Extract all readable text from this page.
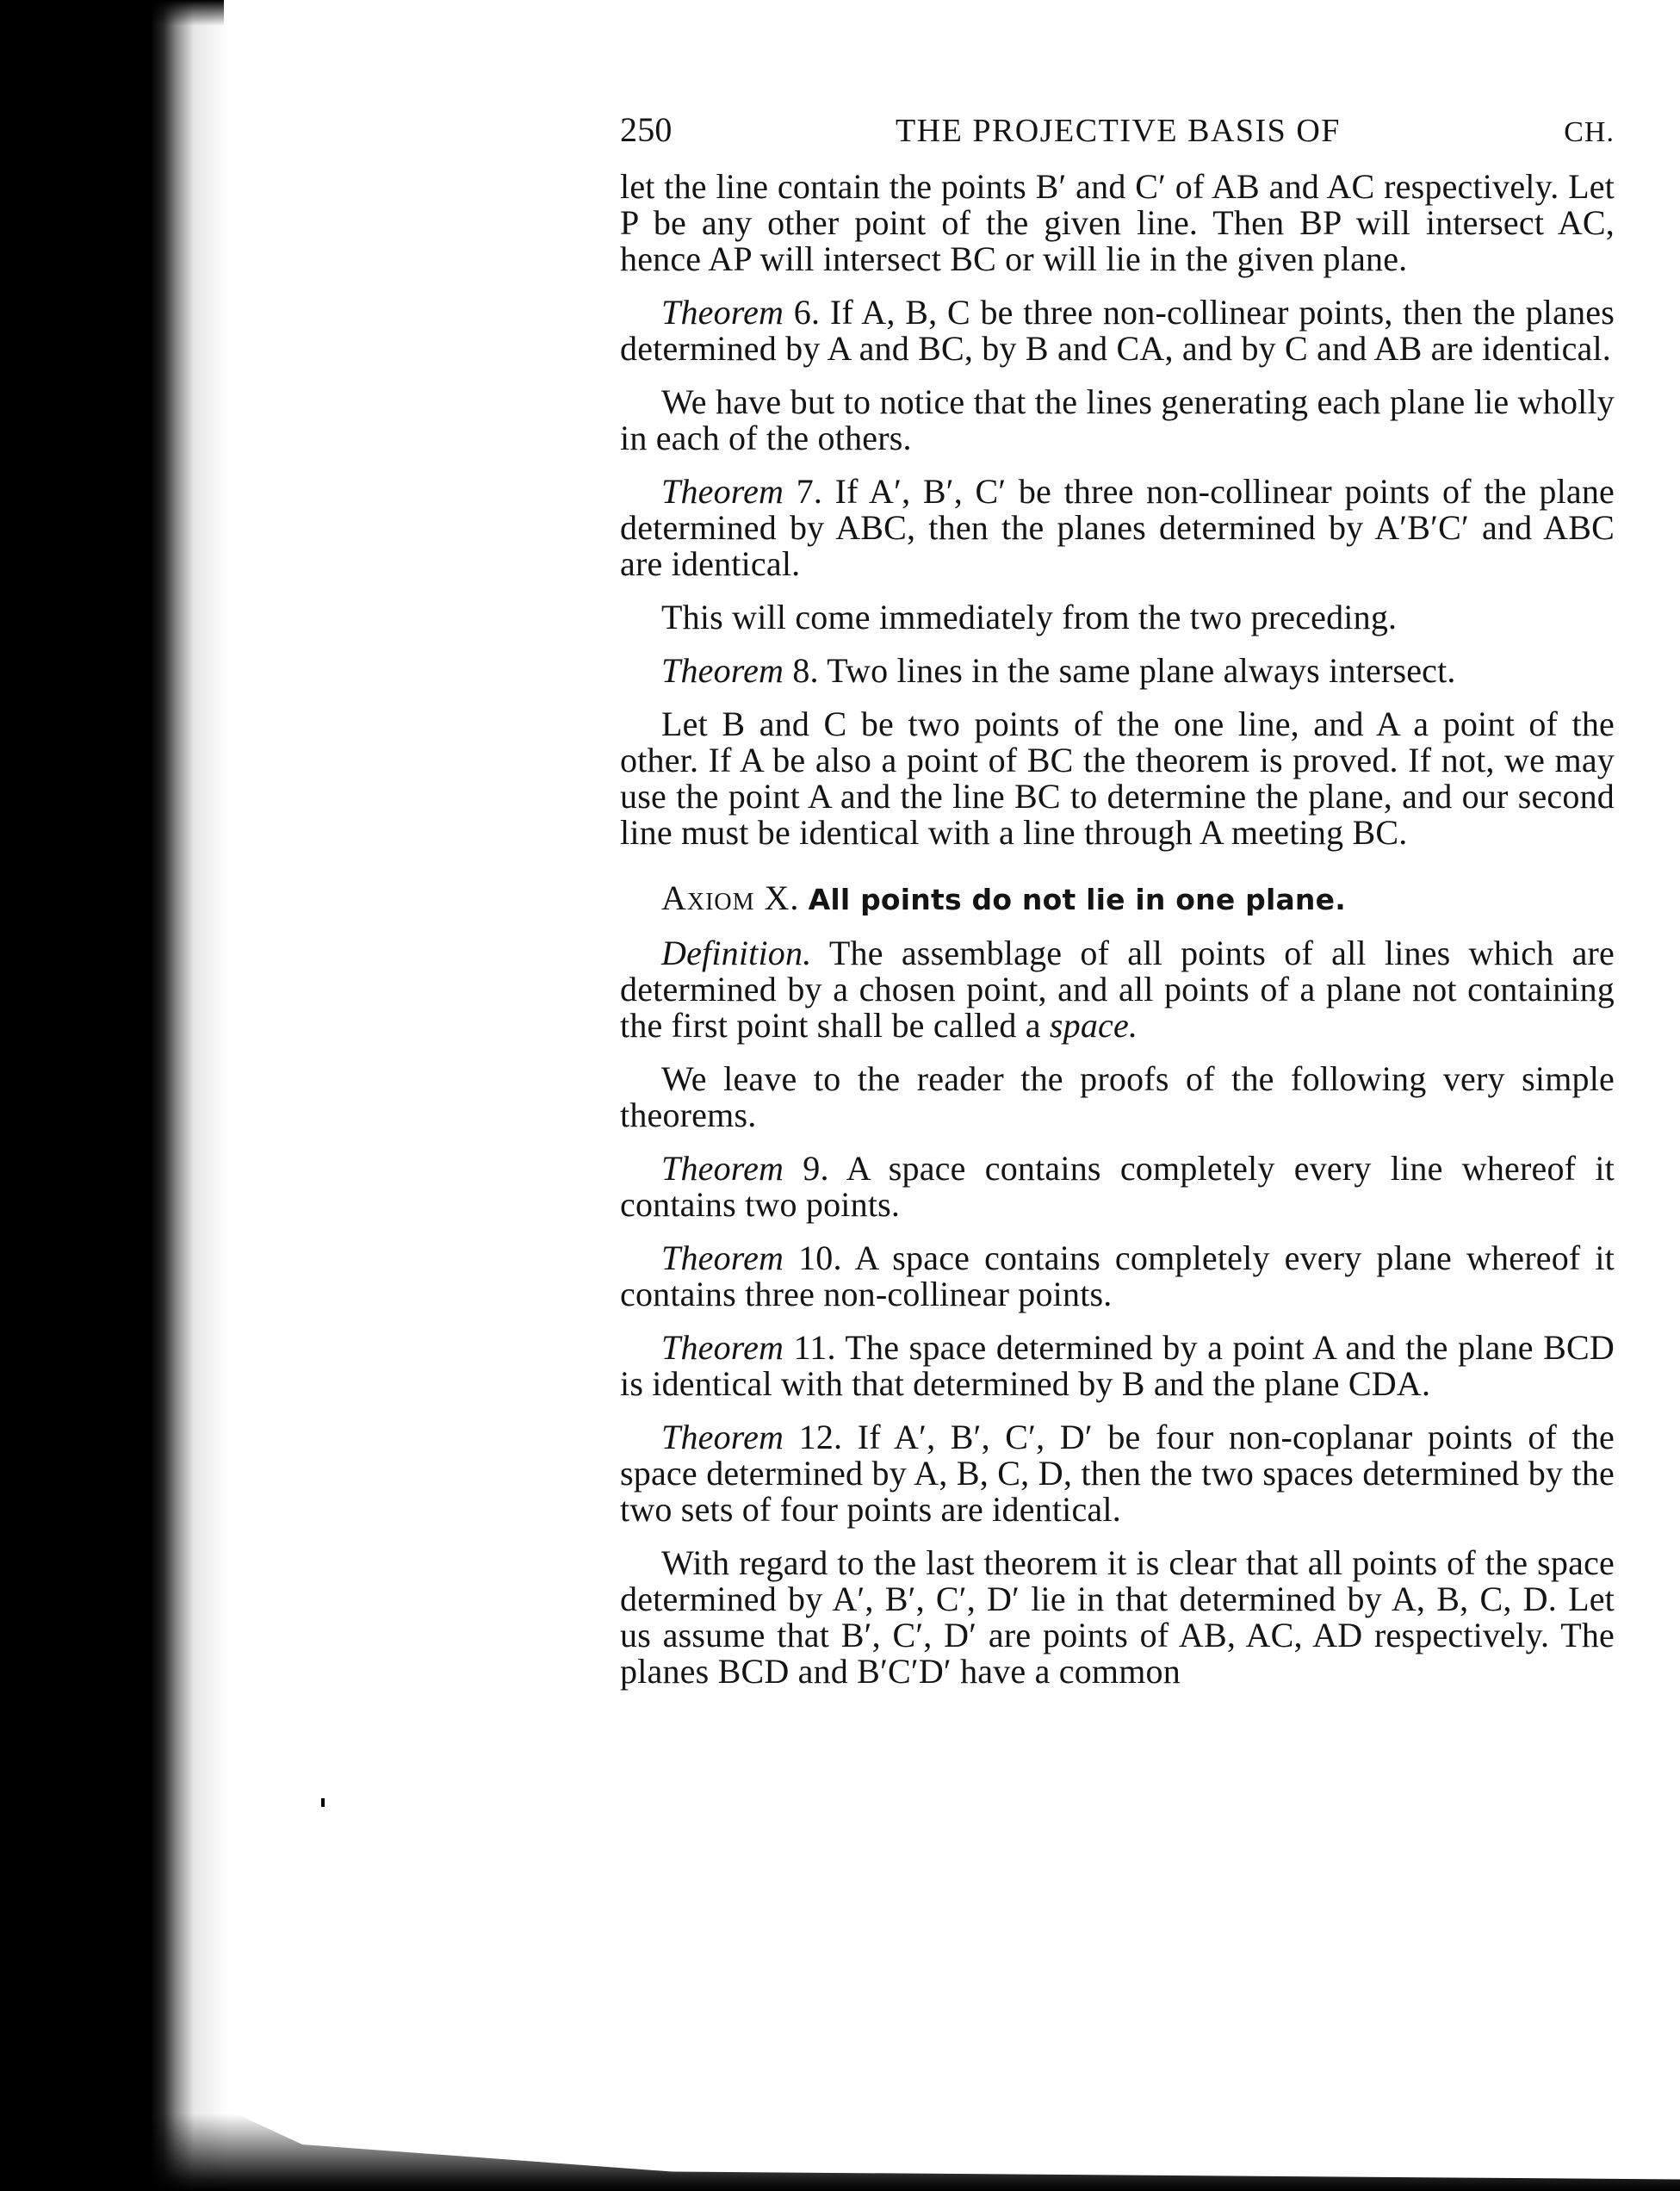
250	THE PROJECTIVE BASIS OF	CH.

let the line contain the points B′ and C′ of AB and AC respectively. Let P be any other point of the given line. Then BP will intersect AC, hence AP will intersect BC or will lie in the given plane.

Theorem 6. If A, B, C be three non-collinear points, then the planes determined by A and BC, by B and CA, and by C and AB are identical.

We have but to notice that the lines generating each plane lie wholly in each of the others.

Theorem 7. If A′, B′, C′ be three non-collinear points of the plane determined by ABC, then the planes determined by A′B′C′ and ABC are identical.

This will come immediately from the two preceding.

Theorem 8. Two lines in the same plane always intersect.

Let B and C be two points of the one line, and A a point of the other. If A be also a point of BC the theorem is proved. If not, we may use the point A and the line BC to determine the plane, and our second line must be identical with a line through A meeting BC.

Axiom X. All points do not lie in one plane.

Definition. The assemblage of all points of all lines which are determined by a chosen point, and all points of a plane not containing the first point shall be called a space.

We leave to the reader the proofs of the following very simple theorems.

Theorem 9. A space contains completely every line whereof it contains two points.

Theorem 10. A space contains completely every plane whereof it contains three non-collinear points.

Theorem 11. The space determined by a point A and the plane BCD is identical with that determined by B and the plane CDA.

Theorem 12. If A′, B′, C′, D′ be four non-coplanar points of the space determined by A, B, C, D, then the two spaces determined by the two sets of four points are identical.

With regard to the last theorem it is clear that all points of the space determined by A′, B′, C′, D′ lie in that determined by A, B, C, D. Let us assume that B′, C′, D′ are points of AB, AC, AD respectively. The planes BCD and B′C′D′ have a common
